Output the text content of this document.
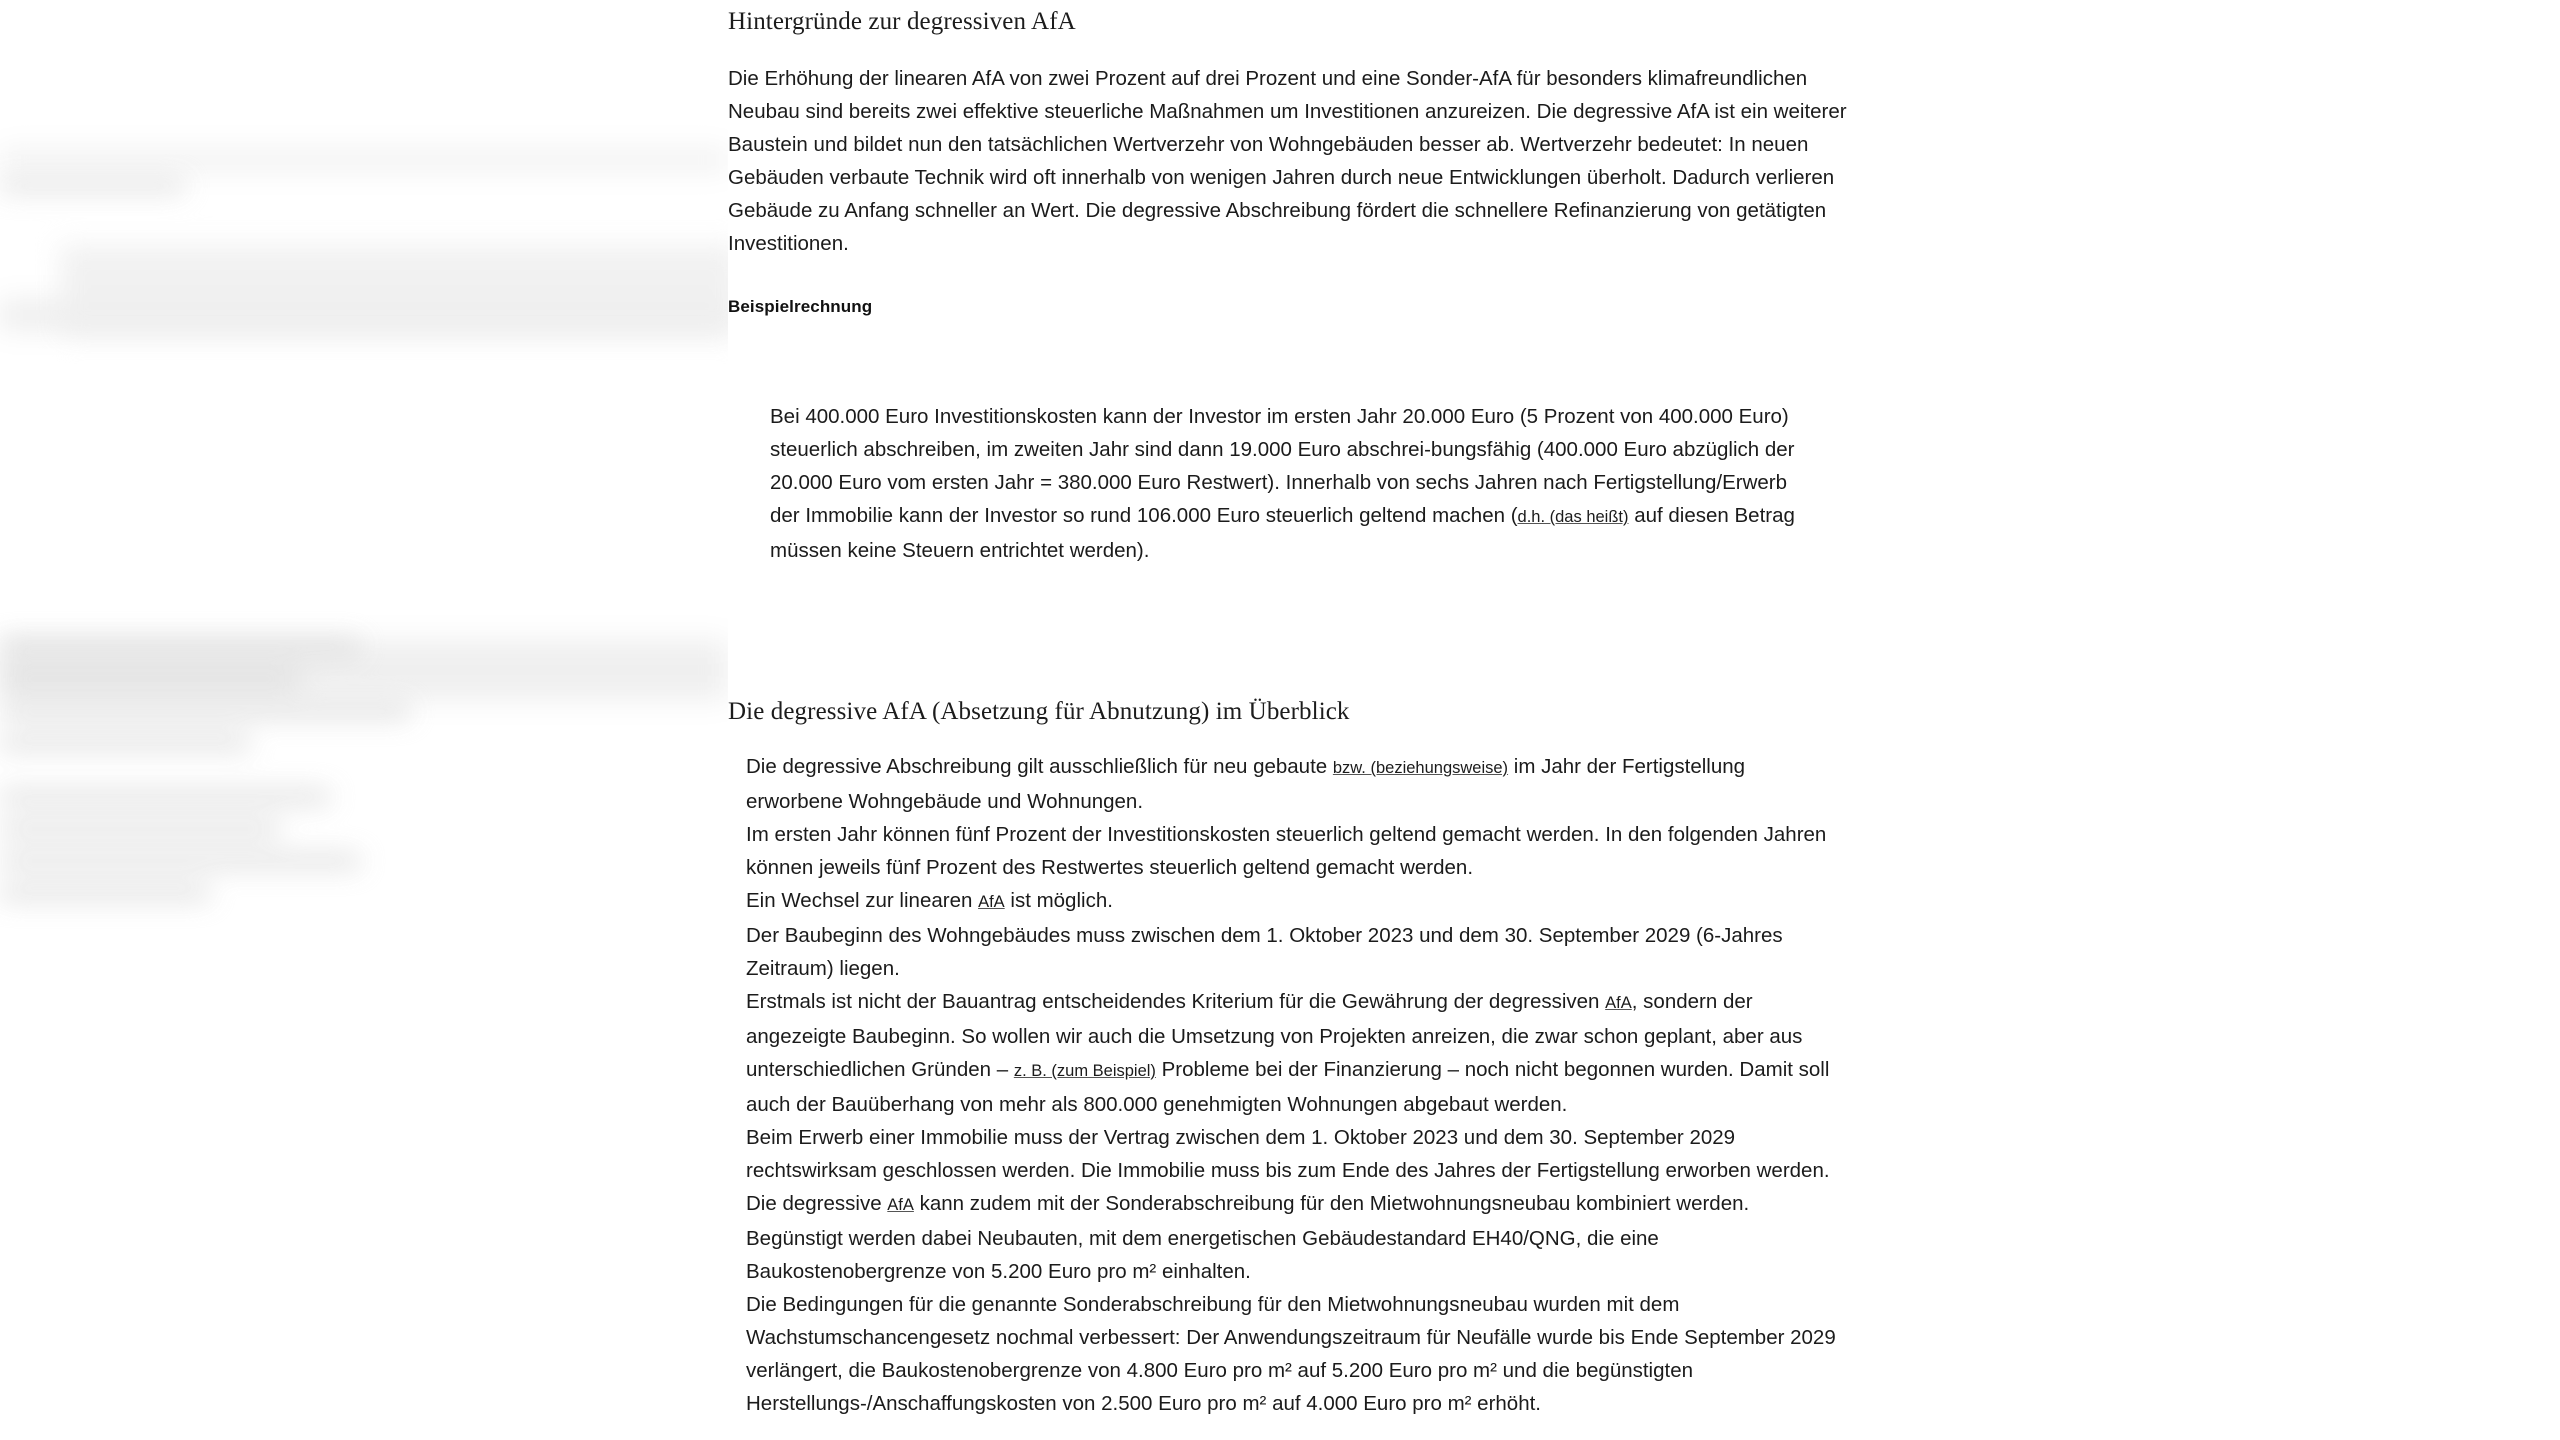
Hintergründe zur degressiven AfA

Die Erhöhung der linearen AfA von zwei Prozent auf drei Prozent und eine Sonder-AfA für besonders klimafreundlichen Neubau sind bereits zwei effektive steuerliche Maßnahmen um Investitionen anzureizen. Die degressive AfA ist ein weiterer Baustein und bildet nun den tatsächlichen Wertverzehr von Wohngebäuden besser ab. Wertverzehr bedeutet: In neuen Gebäuden verbaute Technik wird oft innerhalb von wenigen Jahren durch neue Entwicklungen überholt. Dadurch verlieren Gebäude zu Anfang schneller an Wert. Die degressive Abschreibung fördert die schnellere Refinanzierung von getätigten Investitionen.

Beispielrechnung
Bei 400.000 Euro Investitionskosten kann der Investor im ersten Jahr 20.000 Euro (5 Prozent von 400.000 Euro) steuerlich abschreiben, im zweiten Jahr sind dann 19.000 Euro abschrei-bungsfähig (400.000 Euro abzüglich der 20.000 Euro vom ersten Jahr = 380.000 Euro Restwert). Innerhalb von sechs Jahren nach Fertigstellung/Erwerb der Immobilie kann der Investor so rund 106.000 Euro steuerlich geltend machen (d.h. (das heißt) auf diesen Betrag müssen keine Steuern entrichtet werden).
Die degressive AfA (Absetzung für Abnutzung) im Überblick
Die degressive Abschreibung gilt ausschließlich für neu gebaute bzw. (beziehungsweise) im Jahr der Fertigstellung erworbene Wohngebäude und Wohnungen.
Im ersten Jahr können fünf Prozent der Investitionskosten steuerlich geltend gemacht werden. In den folgenden Jahren können jeweils fünf Prozent des Restwertes steuerlich geltend gemacht werden.
Ein Wechsel zur linearen AfA ist möglich.
Der Baubeginn des Wohngebäudes muss zwischen dem 1. Oktober 2023 und dem 30. September 2029 (6-Jahres Zeitraum) liegen.
Erstmals ist nicht der Bauantrag entscheidendes Kriterium für die Gewährung der degressiven AfA, sondern der angezeigte Baubeginn. So wollen wir auch die Umsetzung von Projekten anreizen, die zwar schon geplant, aber aus unterschiedlichen Gründen – z. B. (zum Beispiel) Probleme bei der Finanzierung – noch nicht begonnen wurden. Damit soll auch der Bauüberhang von mehr als 800.000 genehmigten Wohnungen abgebaut werden.
Beim Erwerb einer Immobilie muss der Vertrag zwischen dem 1. Oktober 2023 und dem 30. September 2029 rechtswirksam geschlossen werden. Die Immobilie muss bis zum Ende des Jahres der Fertigstellung erworben werden.
Die degressive AfA kann zudem mit der Sonderabschreibung für den Mietwohnungsneubau kombiniert werden. Begünstigt werden dabei Neubauten, mit dem energetischen Gebäudestandard EH40/QNG, die eine Baukostenobergrenze von 5.200 Euro pro m² einhalten.
Die Bedingungen für die genannte Sonderabschreibung für den Mietwohnungsneubau wurden mit dem Wachstumschancengesetz nochmal verbessert: Der Anwendungszeitraum für Neufälle wurde bis Ende September 2029 verlängert, die Baukostenobergrenze von 4.800 Euro pro m² auf 5.200 Euro pro m² und die begünstigten Herstellungs-/Anschaffungskosten von 2.500 Euro pro m² auf 4.000 Euro pro m² erhöht.
